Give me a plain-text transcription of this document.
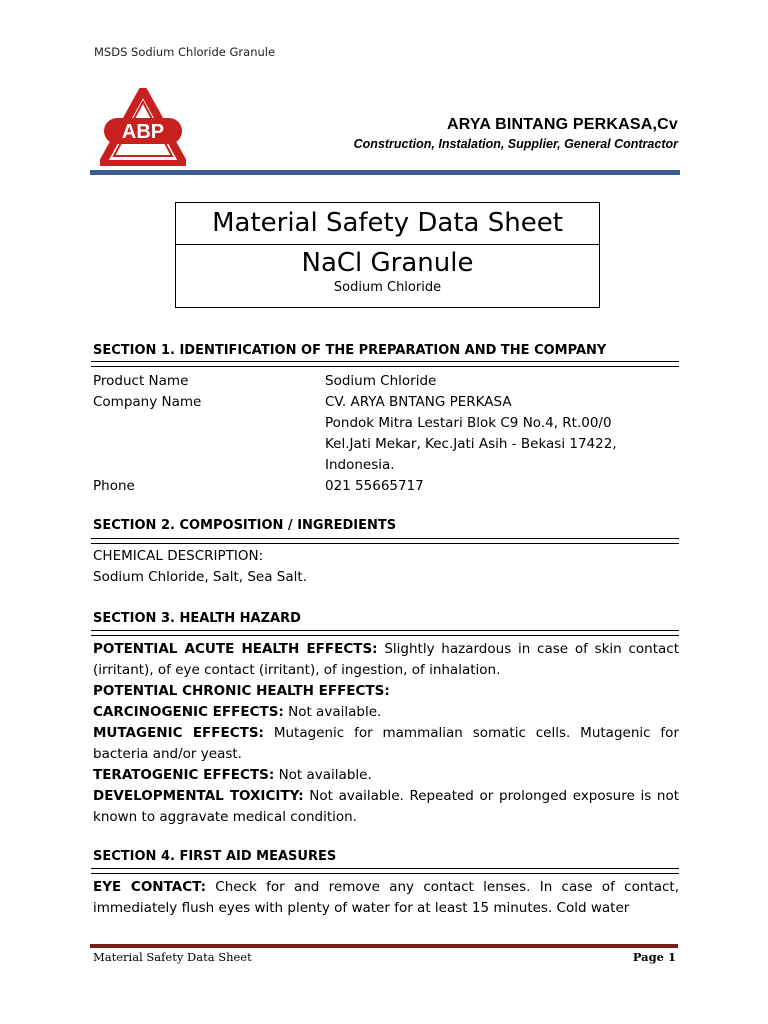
MSDS Sodium Chloride Granule
ABP	ARYA BINTANG PERKASA,Cv
Construction, Instalation, Supplier, General Contractor
Material Safety Data Sheet
NaCl Granule
Sodium Chloride
SECTION 1. IDENTIFICATION OF THE PREPARATION AND THE COMPANY
Product Name	Sodium Chloride
Company Name	CV. ARYA BNTANG PERKASA
Pondok Mitra Lestari Blok C9 No.4, Rt.00/0
Kel.Jati Mekar, Kec.Jati Asih - Bekasi 17422,
Indonesia.
Phone	021 55665717
SECTION 2. COMPOSITION / INGREDIENTS
CHEMICAL DESCRIPTION:
Sodium Chloride, Salt, Sea Salt.
SECTION 3. HEALTH HAZARD
POTENTIAL ACUTE HEALTH EFFECTS: Slightly hazardous in case of skin contact (irritant), of eye contact (irritant), of ingestion, of inhalation.
POTENTIAL CHRONIC HEALTH EFFECTS:
CARCINOGENIC EFFECTS: Not available.
MUTAGENIC EFFECTS: Mutagenic for mammalian somatic cells. Mutagenic for bacteria and/or yeast.
TERATOGENIC EFFECTS: Not available.
DEVELOPMENTAL TOXICITY: Not available. Repeated or prolonged exposure is not known to aggravate medical condition.
SECTION 4. FIRST AID MEASURES
EYE CONTACT: Check for and remove any contact lenses. In case of contact, immediately flush eyes with plenty of water for at least 15 minutes. Cold water
Material Safety Data Sheet	Page 1
